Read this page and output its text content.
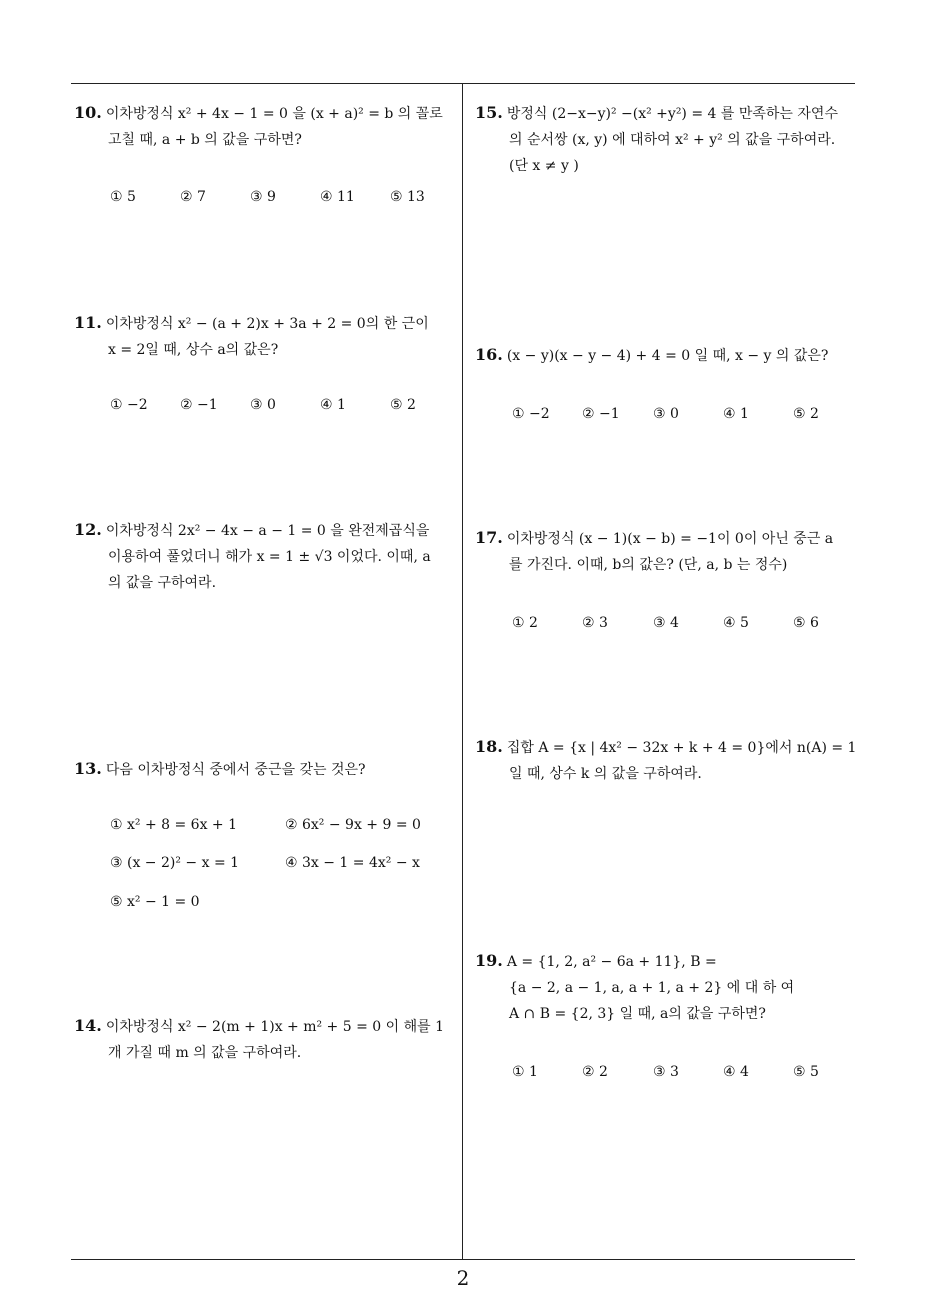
2
10. 이차방정식 x² + 4x − 1 = 0 을 (x + a)² = b 의 꼴로
고칠 때, a + b 의 값을 구하면?
① 5	② 7	③ 9	④ 11	⑤ 13
11. 이차방정식 x² − (a + 2)x + 3a + 2 = 0의 한 근이
x = 2일 때, 상수 a의 값은?
① −2 ② −1 ③ 0	④ 1	⑤ 2
12. 이차방정식 2x² − 4x − a − 1 = 0 을 완전제곱식을
이용하여 풀었더니 해가 x = 1 ± √3 이었다. 이때, a
의 값을 구하여라.
13. 다음 이차방정식 중에서 중근을 갖는 것은?
① x² + 8 = 6x + 1	② 6x² − 9x + 9 = 0
③ (x − 2)² − x = 1	④ 3x − 1 = 4x² − x
⑤ x² − 1 = 0
14. 이차방정식 x² − 2(m + 1)x + m² + 5 = 0 이 해를 1
개 가질 때 m 의 값을 구하여라.
15. 방정식 (2−x−y)² −(x² +y²) = 4 를 만족하는 자연수
의 순서쌍 (x, y) 에 대하여 x² + y² 의 값을 구하여라.
(단 x ≠ y )
16. (x − y)(x − y − 4) + 4 = 0 일 때, x − y 의 값은?
① −2 ② −1 ③ 0	④ 1	⑤ 2
17. 이차방정식 (x − 1)(x − b) = −1이 0이 아닌 중근 a
를 가진다. 이때, b의 값은? (단, a, b 는 정수)
① 2	② 3	③ 4	④ 5	⑤ 6
18. 집합 A = {x | 4x² − 32x + k + 4 = 0}에서 n(A) = 1
일 때, 상수 k 의 값을 구하여라.
19. A = {1, 2, a² − 6a + 11}, B =
{a − 2, a − 1, a, a + 1, a + 2} 에 대 하 여
A ∩ B = {2, 3} 일 때, a의 값을 구하면?
① 1	② 2	③ 3	④ 4	⑤ 5
